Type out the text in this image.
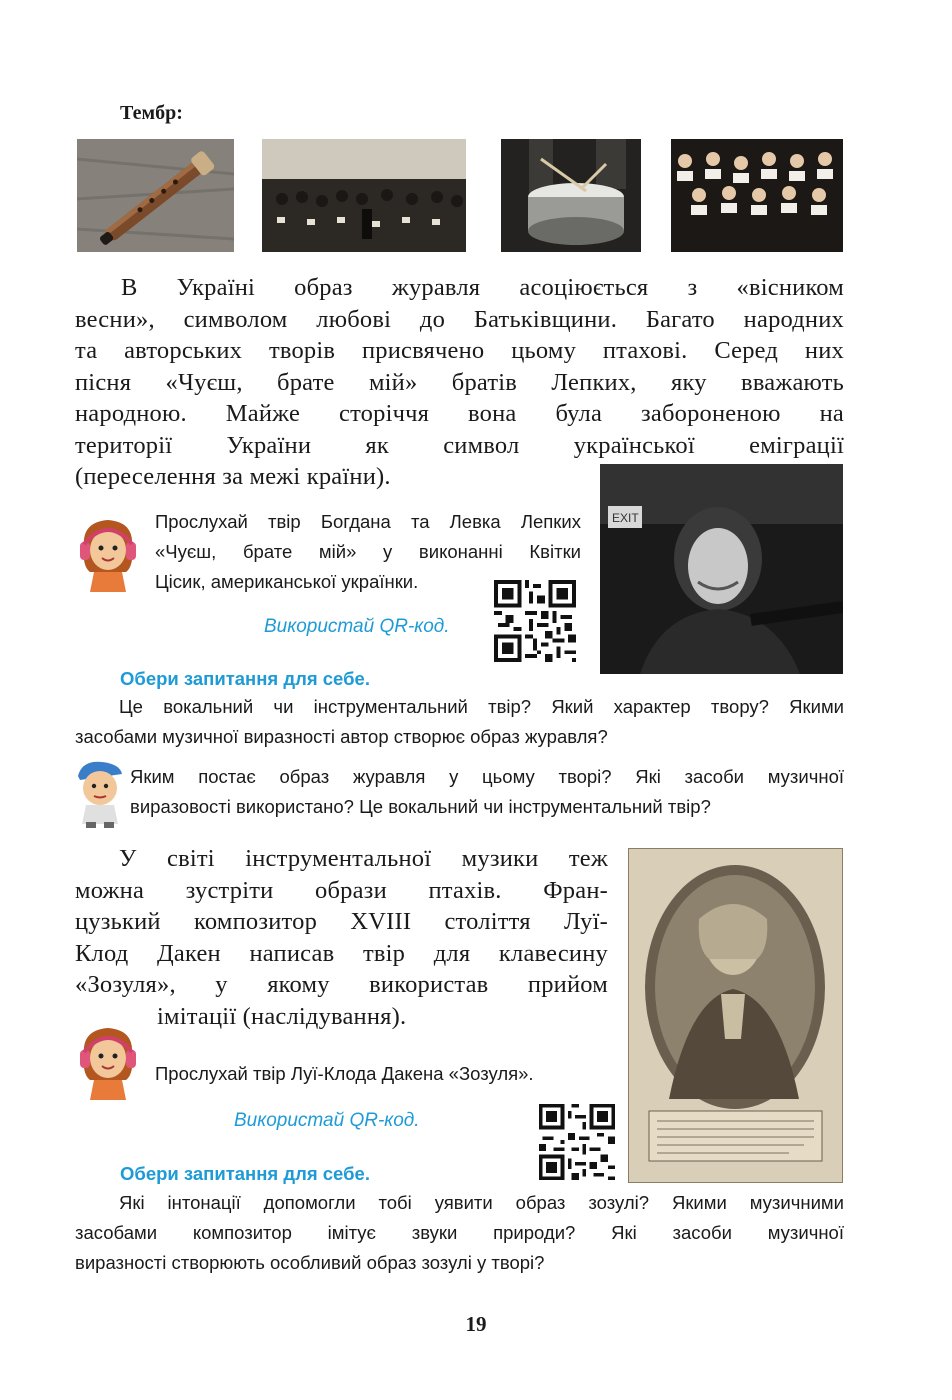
Тембр:
В Україні образ журавля асоціюється з «вісником
весни», символом любові до Батьківщини. Багато народних
та авторських творів присвячено цьому птахові. Серед них
пісня «Чуєш, брате мій» братів Лепких, яку вважають
народною. Майже сторіччя вона була забороненою на
території України як символ української еміграції
(переселення за межі країни).
EXIT
Прослухай твір Богдана та Левка Лепких
«Чуєш, брате мій» у виконанні Квітки
Цісик, американської українки.
Використай QR-код.
Обери запитання для себе.
Це вокальний чи інструментальний твір? Який характер твору? Якими
засобами музичної виразності автор створює образ журавля?
Яким постає образ журавля у цьому творі? Які засоби музичної
виразовості використано? Це вокальний чи інструментальний твір?
У світі інструментальної музики теж
можна зустріти образи птахів. Фран-
цузький композитор XVIII століття Луї-
Клод Дакен написав твір для клавесину
«Зозуля», у якому використав прийом
імітації (наслідування).
Прослухай твір Луї-Клода Дакена «Зозуля».
Використай QR-код.
Обери запитання для себе.
Які інтонації допомогли тобі уявити образ зозулі? Якими музичними
засобами композитор імітує звуки природи? Які засоби музичної
виразності створюють особливий образ зозулі у творі?
19
